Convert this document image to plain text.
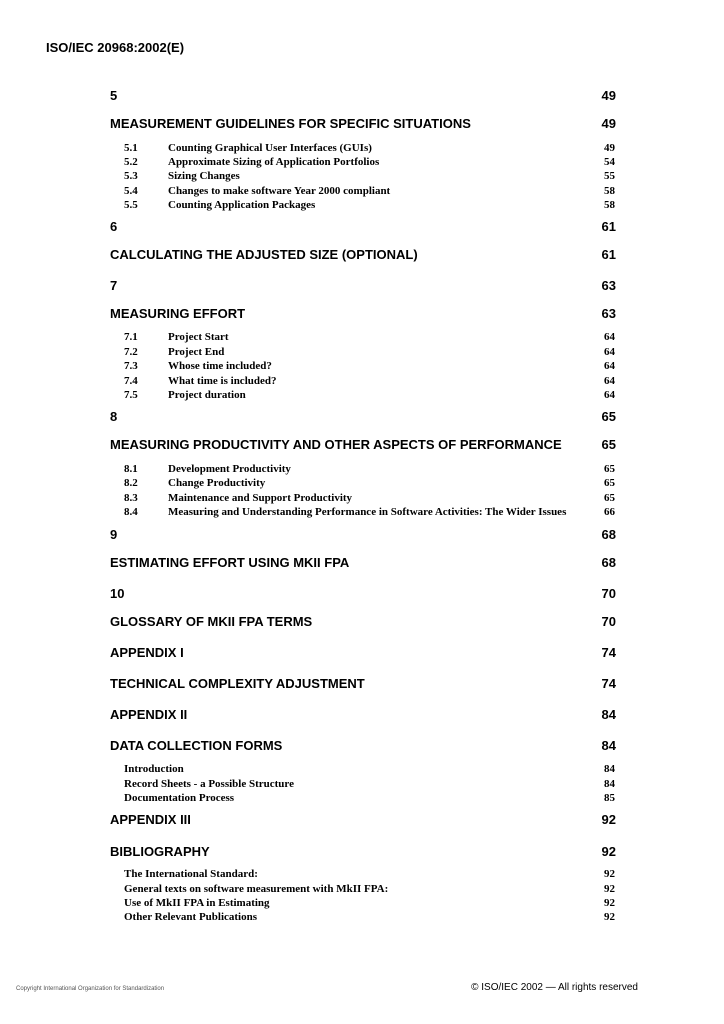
ISO/IEC 20968:2002(E)
5	49
MEASUREMENT GUIDELINES FOR SPECIFIC SITUATIONS	49
5.1	Counting Graphical User Interfaces (GUIs)	49
5.2	Approximate Sizing of Application Portfolios	54
5.3	Sizing Changes	55
5.4	Changes to make software Year 2000 compliant	58
5.5	Counting Application Packages	58
6	61
CALCULATING THE ADJUSTED SIZE (OPTIONAL)	61
7	63
MEASURING EFFORT	63
7.1	Project Start	64
7.2	Project End	64
7.3	Whose time included?	64
7.4	What time is included?	64
7.5	Project duration	64
8	65
MEASURING PRODUCTIVITY AND OTHER ASPECTS OF PERFORMANCE	65
8.1	Development Productivity	65
8.2	Change Productivity	65
8.3	Maintenance and Support Productivity	65
8.4	Measuring and Understanding Performance in Software Activities: The Wider Issues	66
9	68
ESTIMATING EFFORT USING MKII FPA	68
10	70
GLOSSARY OF MKII FPA TERMS	70
APPENDIX I	74
TECHNICAL COMPLEXITY ADJUSTMENT	74
APPENDIX II	84
DATA COLLECTION FORMS	84
Introduction	84
Record Sheets - a Possible Structure	84
Documentation Process	85
APPENDIX III	92
BIBLIOGRAPHY	92
The International Standard:	92
General texts on software measurement with MkII FPA:	92
Use of MkII FPA in Estimating	92
Other Relevant Publications	92
Copyright International Organization for Standardization	© ISO/IEC 2002 — All rights reserved
